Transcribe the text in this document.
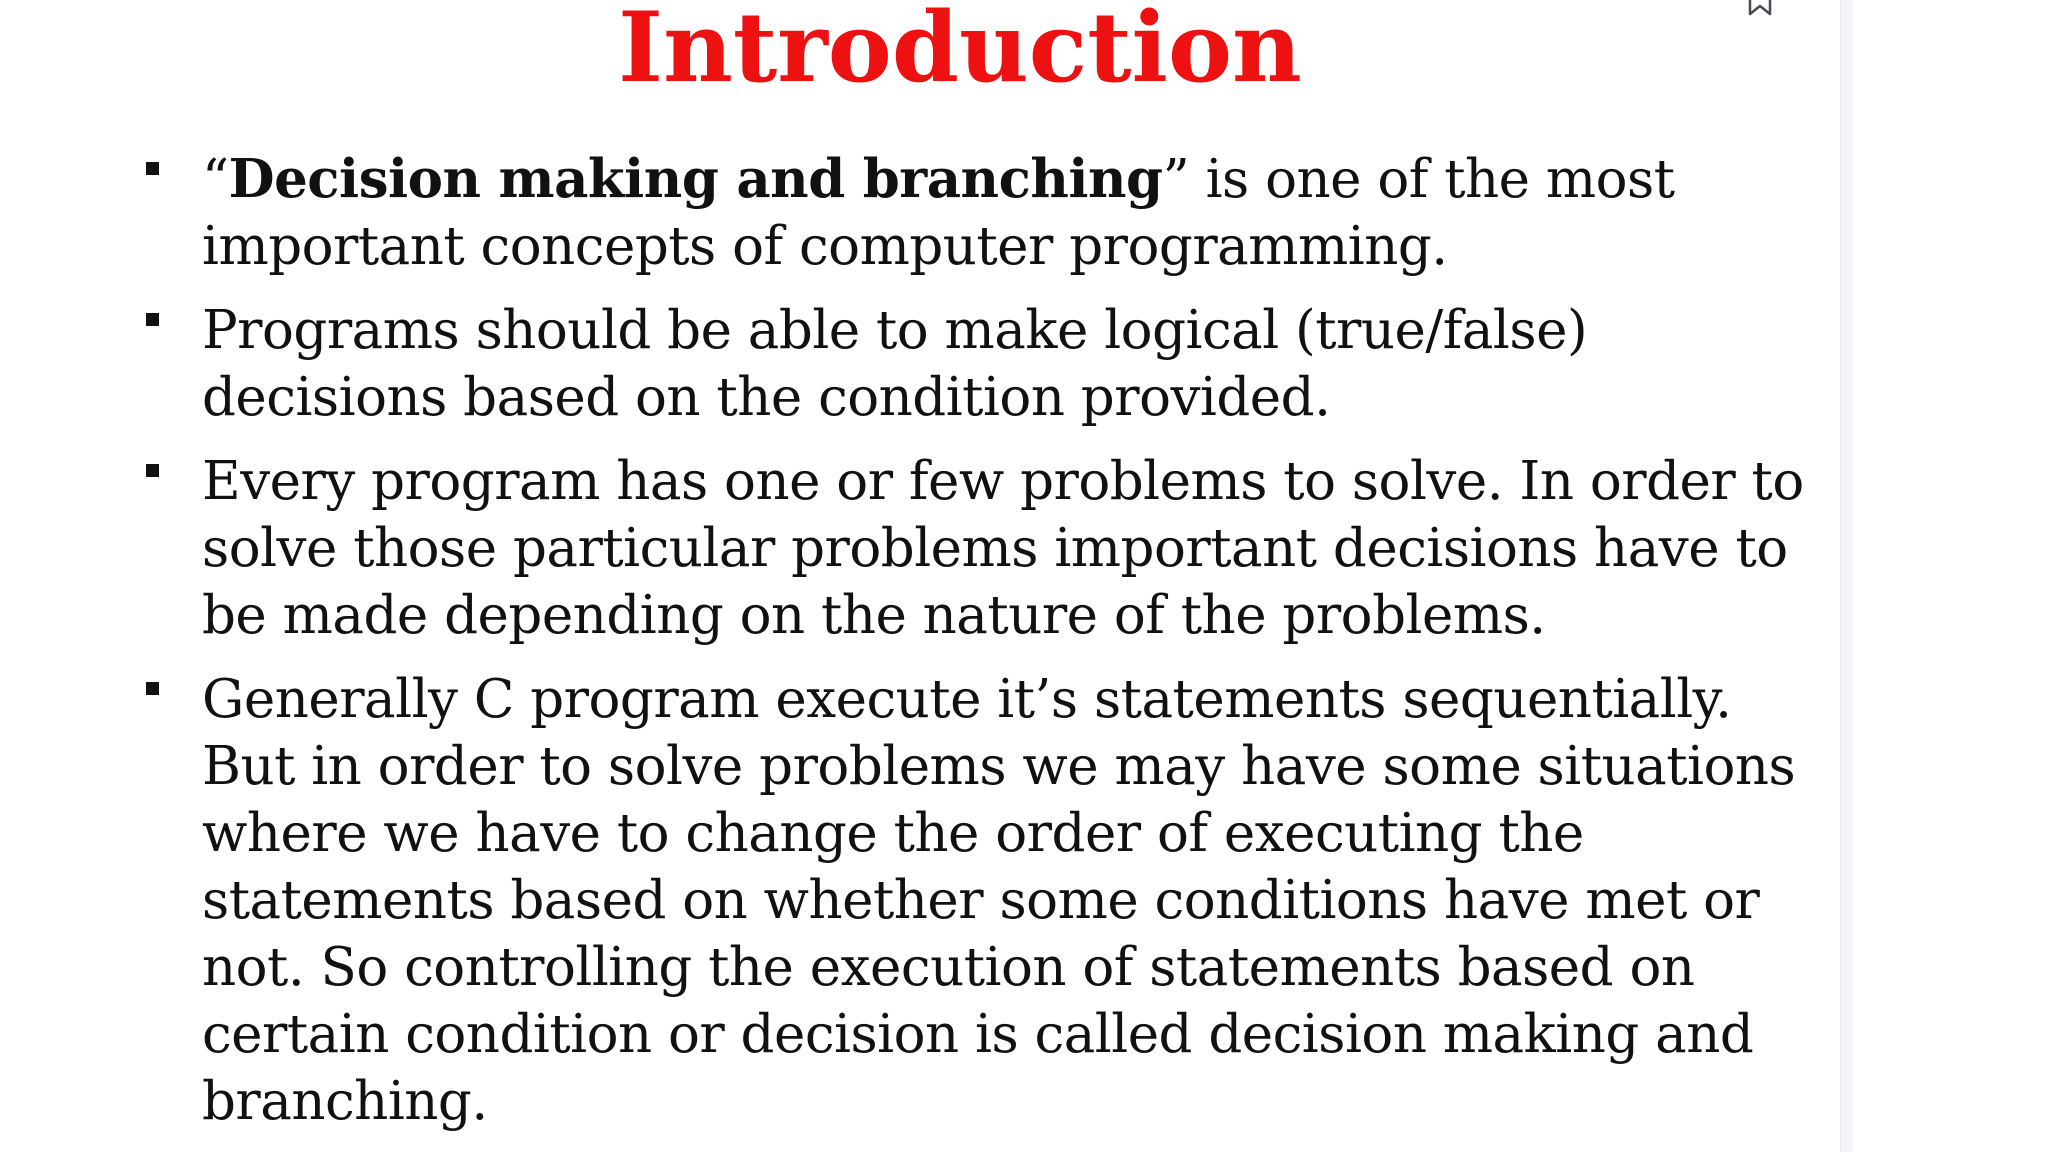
Introduction
“Decision making and branching” is one of the most important concepts of computer programming.
Programs should be able to make logical (true/false) decisions based on the condition provided.
Every program has one or few problems to solve. In order to solve those particular problems important decisions have to be made depending on the nature of the problems.
Generally C program execute it’s statements sequentially. But in order to solve problems we may have some situations where we have to change the order of executing the statements based on whether some conditions have met or not. So controlling the execution of statements based on certain condition or decision is called decision making and branching.
